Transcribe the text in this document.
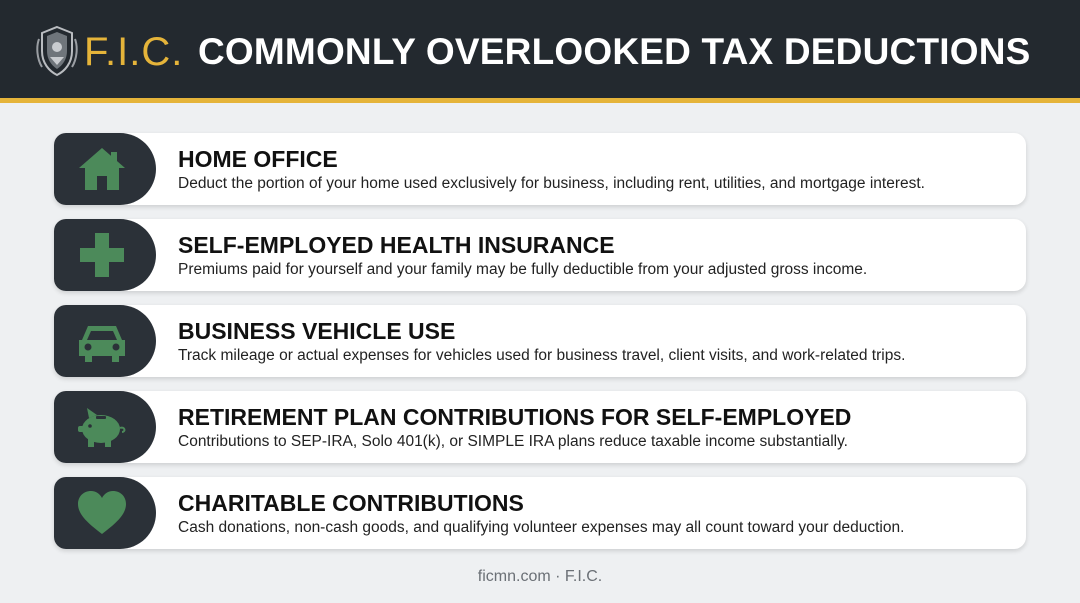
F.I.C. COMMONLY OVERLOOKED TAX DEDUCTIONS
HOME OFFICE
Deduct the portion of your home used exclusively for business, including rent, utilities, and mortgage interest.
SELF-EMPLOYED HEALTH INSURANCE
Premiums paid for yourself and your family may be fully deductible from your adjusted gross income.
BUSINESS VEHICLE USE
Track mileage or actual expenses for vehicles used for business travel, client visits, and work-related trips.
RETIREMENT PLAN CONTRIBUTIONS FOR SELF-EMPLOYED
Contributions to SEP-IRA, Solo 401(k), or SIMPLE IRA plans reduce taxable income substantially.
CHARITABLE CONTRIBUTIONS
Cash donations, non-cash goods, and qualifying volunteer expenses may all count toward your deduction.
ficmn.com · F.I.C.
